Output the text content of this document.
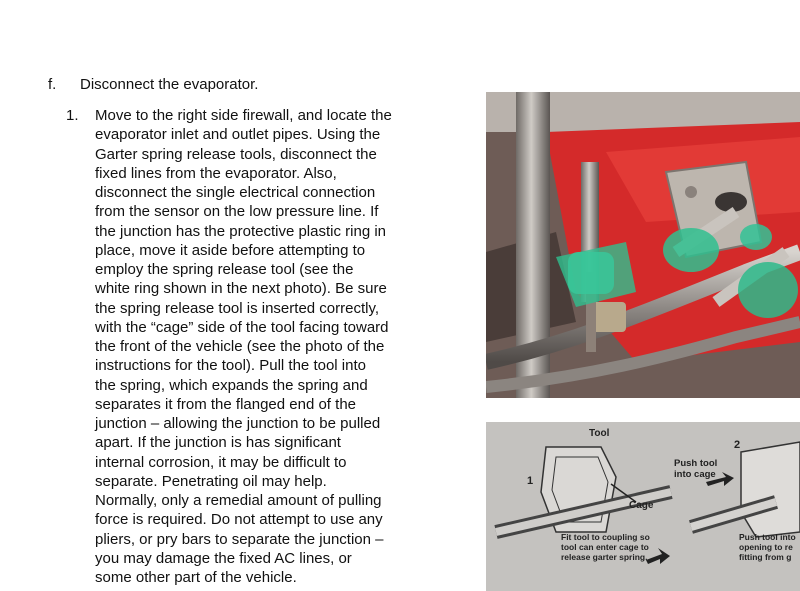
f. Disconnect the evaporator.
1. Move to the right side firewall, and locate the
evaporator inlet and outlet pipes. Using the
Garter spring release tools, disconnect the
fixed lines from the evaporator. Also,
disconnect the single electrical connection
from the sensor on the low pressure line. If
the junction has the protective plastic ring in
place, move it aside before attempting to
employ the spring release tool (see the
white ring shown in the next photo). Be sure
the spring release tool is inserted correctly,
with the “cage” side of the tool facing toward
the front of the vehicle (see the photo of the
instructions for the tool). Pull the tool into
the spring, which expands the spring and
separates it from the flanged end of the
junction – allowing the junction to be pulled
apart. If the junction is has significant
internal corrosion, it may be difficult to
separate. Penetrating oil may help.
Normally, only a remedial amount of pulling
force is required. Do not attempt to use any
pliers, or pry bars to separate the junction –
you may damage the fixed AC lines, or
some other part of the vehicle.
Tool
1
2
Cage
Push tool
into cage
Fit tool to coupling so
tool can enter cage to
release garter spring.
Push tool into
opening to re
fitting from g
